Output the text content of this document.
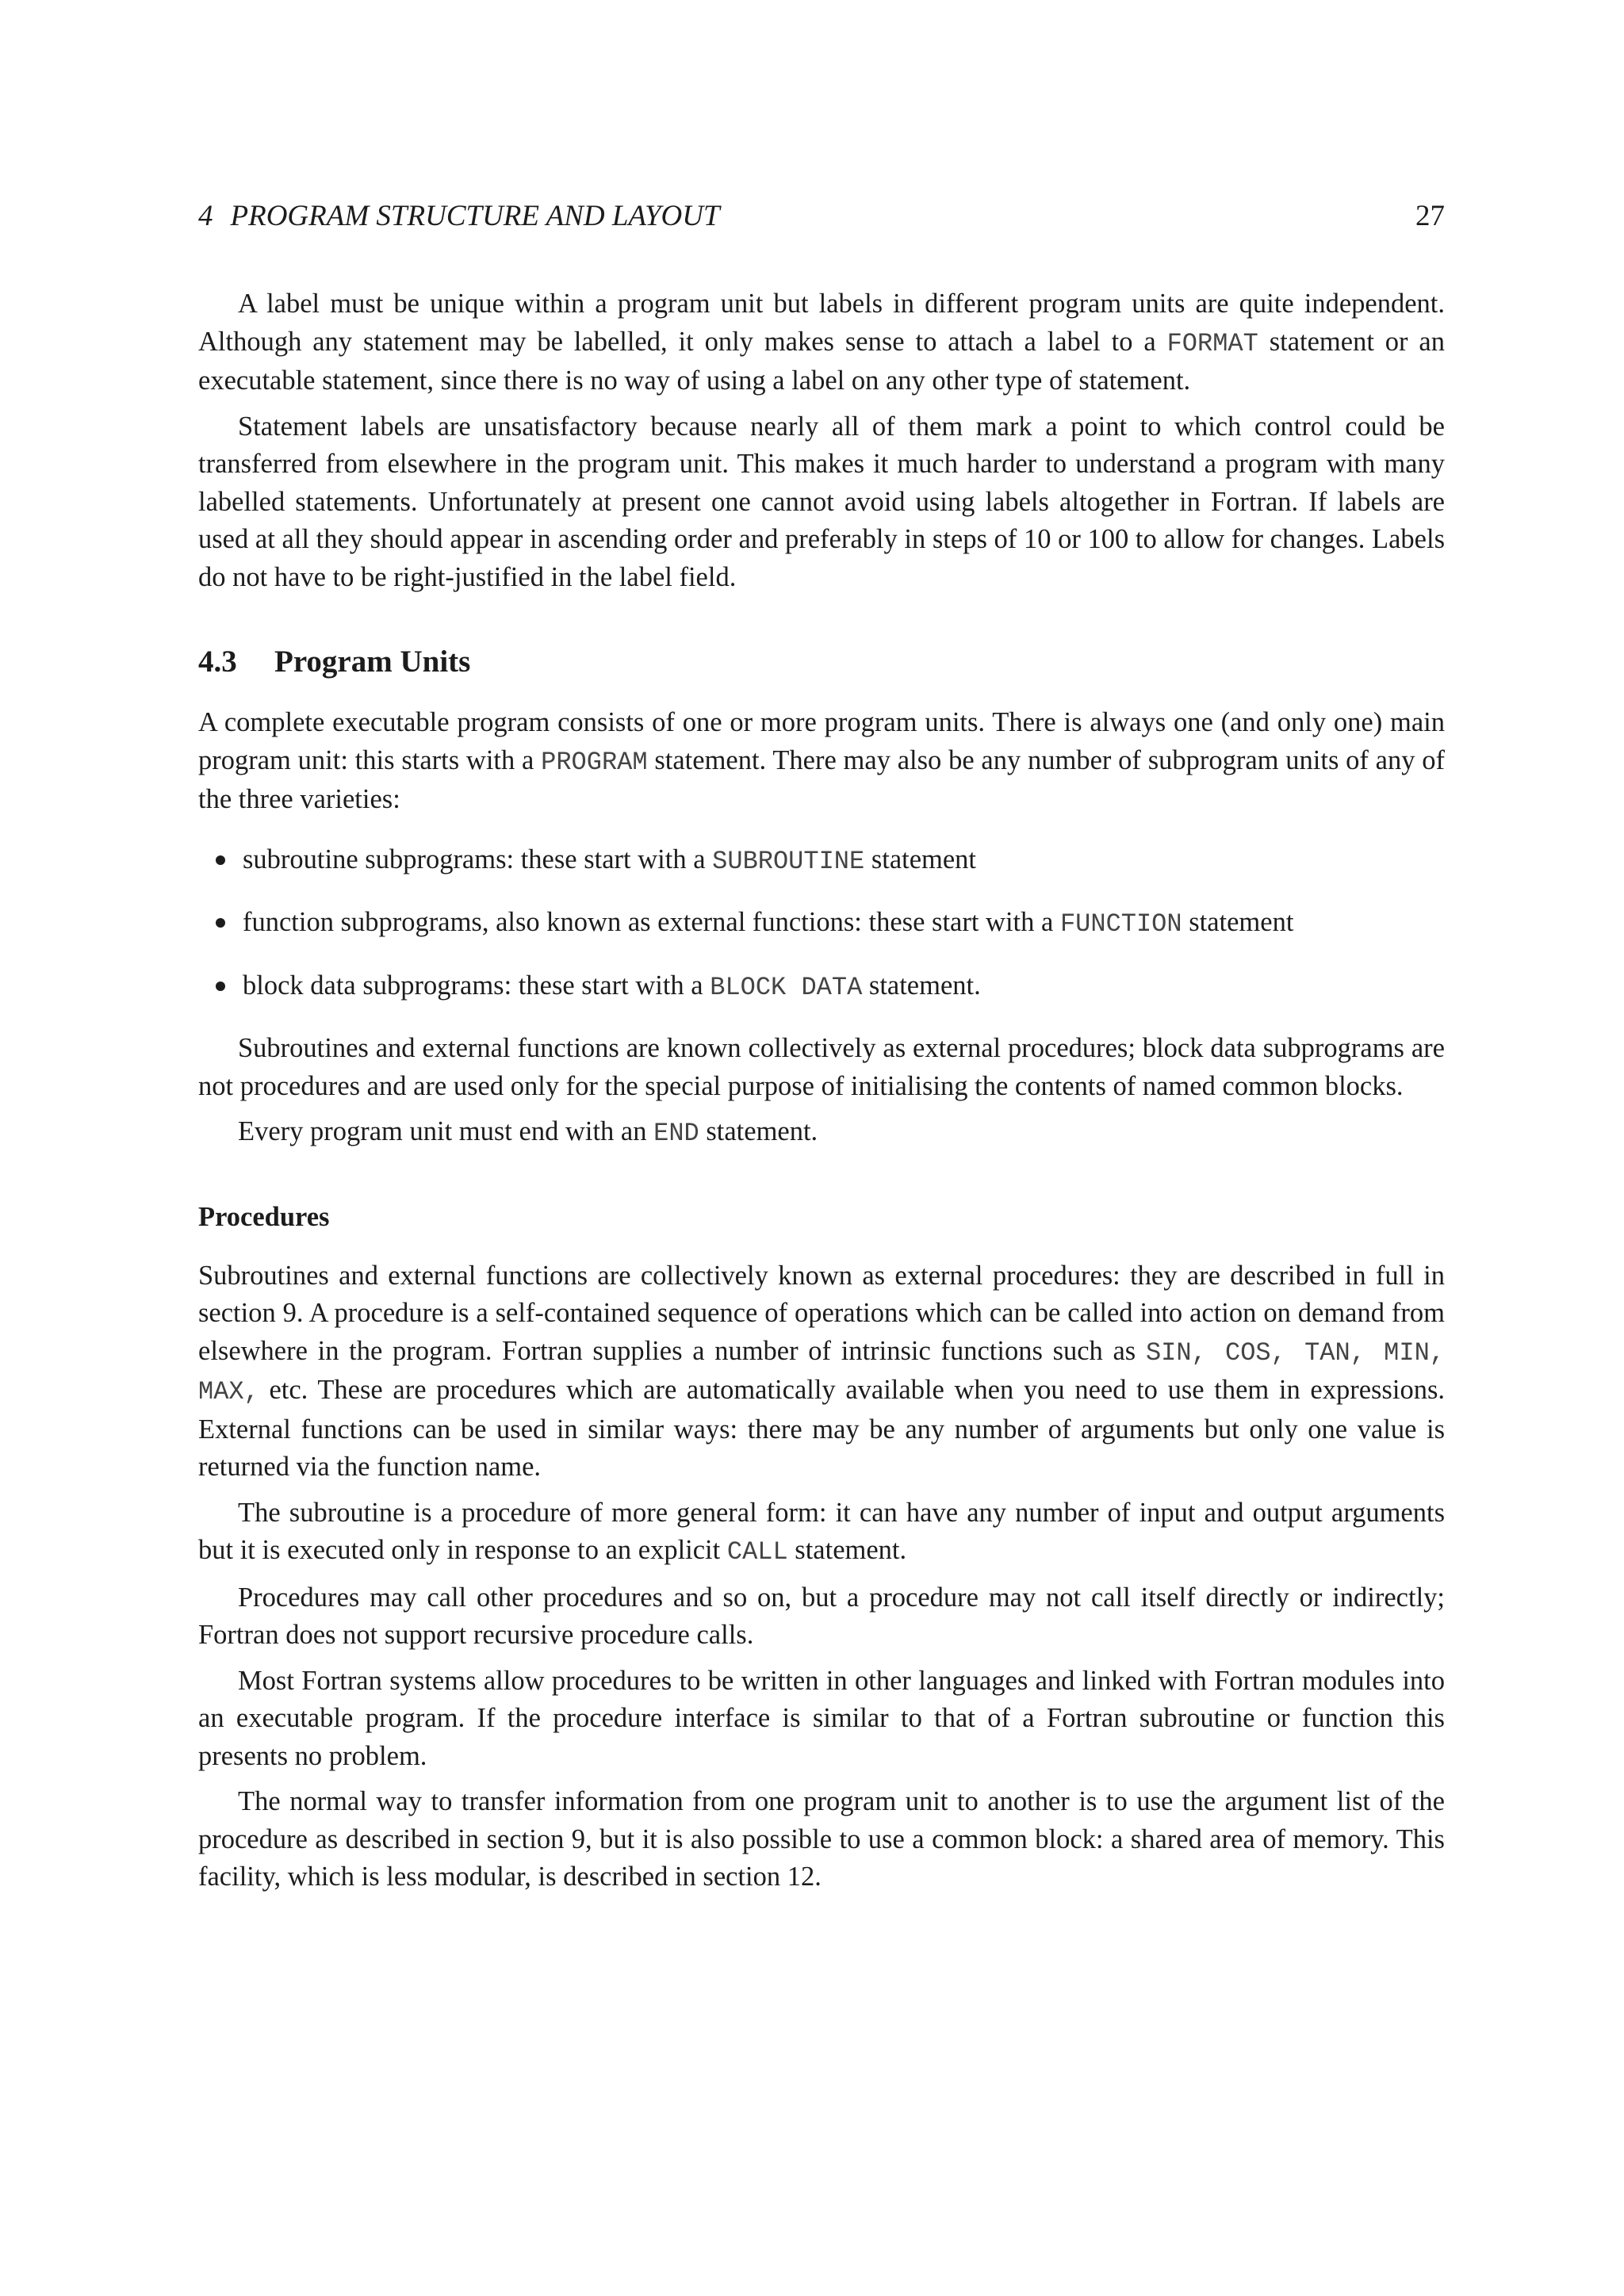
4 PROGRAM STRUCTURE AND LAYOUT	27

A label must be unique within a program unit but labels in different program units are quite independent. Although any statement may be labelled, it only makes sense to attach a label to a FORMAT statement or an executable statement, since there is no way of using a label on any other type of statement.

Statement labels are unsatisfactory because nearly all of them mark a point to which control could be transferred from elsewhere in the program unit. This makes it much harder to understand a program with many labelled statements. Unfortunately at present one cannot avoid using labels altogether in Fortran. If labels are used at all they should appear in ascending order and preferably in steps of 10 or 100 to allow for changes. Labels do not have to be right-justified in the label field.

4.3 Program Units

A complete executable program consists of one or more program units. There is always one (and only one) main program unit: this starts with a PROGRAM statement. There may also be any number of subprogram units of any of the three varieties:

subroutine subprograms: these start with a SUBROUTINE statement
function subprograms, also known as external functions: these start with a FUNCTION statement
block data subprograms: these start with a BLOCK DATA statement.

Subroutines and external functions are known collectively as external procedures; block data subprograms are not procedures and are used only for the special purpose of initialising the contents of named common blocks.

Every program unit must end with an END statement.

Procedures

Subroutines and external functions are collectively known as external procedures: they are described in full in section 9. A procedure is a self-contained sequence of operations which can be called into action on demand from elsewhere in the program. Fortran supplies a number of intrinsic functions such as SIN, COS, TAN, MIN, MAX, etc. These are procedures which are automatically available when you need to use them in expressions. External functions can be used in similar ways: there may be any number of arguments but only one value is returned via the function name.

The subroutine is a procedure of more general form: it can have any number of input and output arguments but it is executed only in response to an explicit CALL statement.

Procedures may call other procedures and so on, but a procedure may not call itself directly or indirectly; Fortran does not support recursive procedure calls.

Most Fortran systems allow procedures to be written in other languages and linked with Fortran modules into an executable program. If the procedure interface is similar to that of a Fortran subroutine or function this presents no problem.

The normal way to transfer information from one program unit to another is to use the argument list of the procedure as described in section 9, but it is also possible to use a common block: a shared area of memory. This facility, which is less modular, is described in section 12.
